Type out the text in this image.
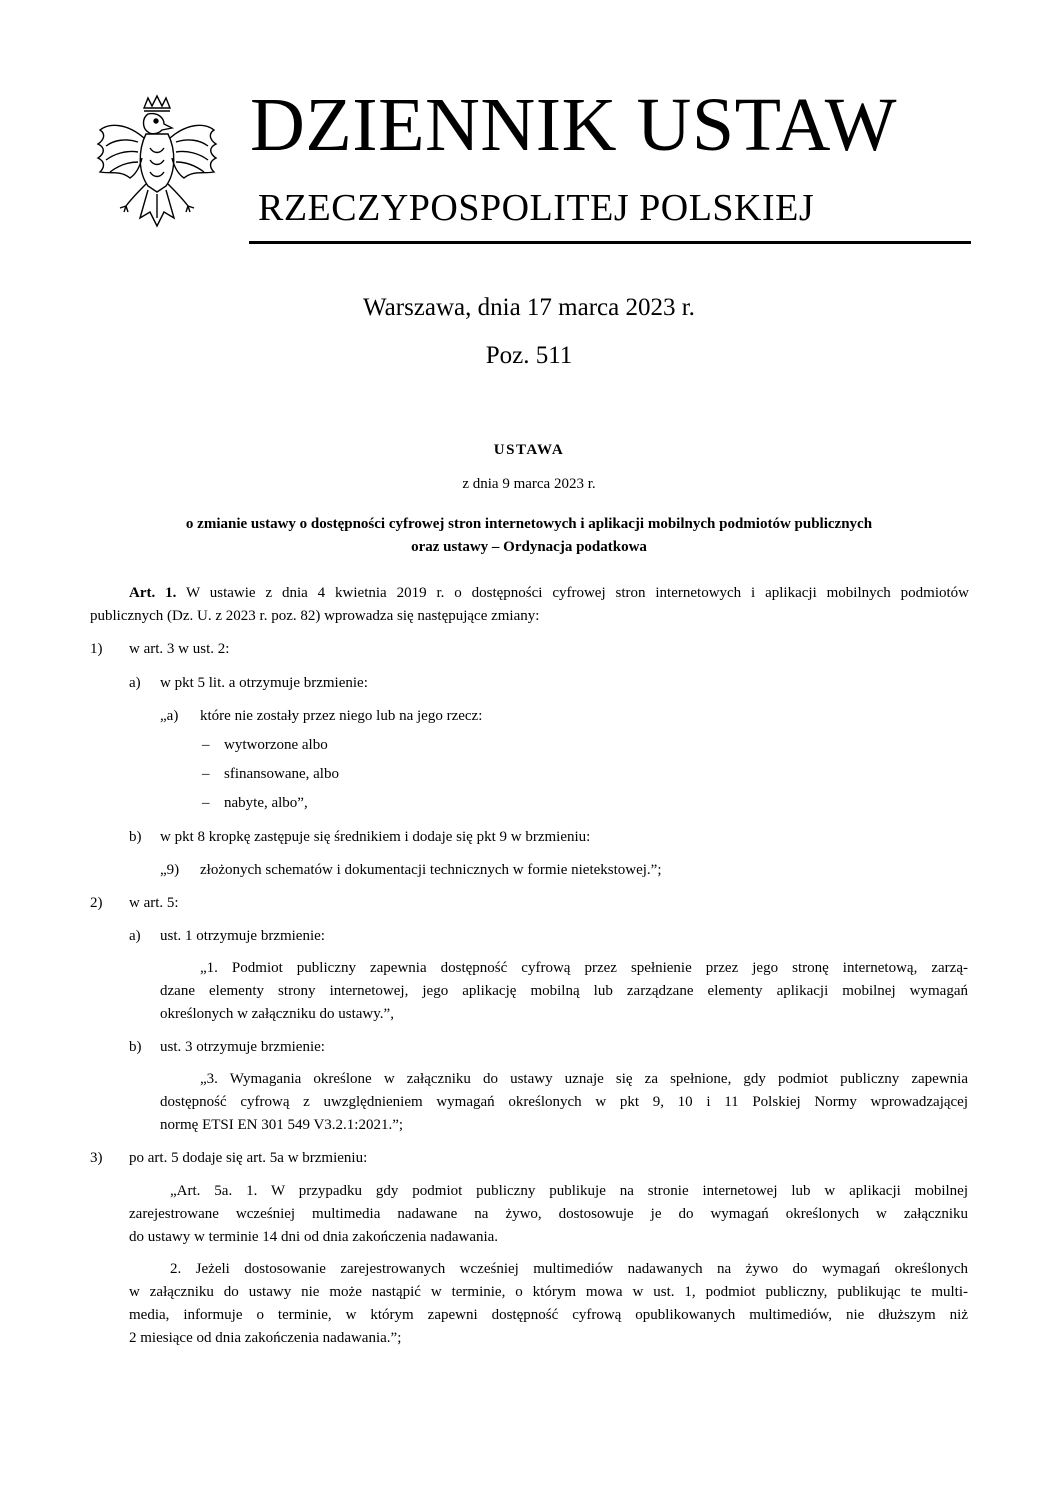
DZIENNIK USTAW
RZECZYPOSPOLITEJ POLSKIEJ
Warszawa, dnia 17 marca 2023 r.
Poz. 511
USTAWA
z dnia 9 marca 2023 r.
o zmianie ustawy o dostępności cyfrowej stron internetowych i aplikacji mobilnych podmiotów publicznych
oraz ustawy – Ordynacja podatkowa
Art. 1. W ustawie z dnia 4 kwietnia 2019 r. o dostępności cyfrowej stron internetowych i aplikacji mobilnych podmiotów
publicznych (Dz. U. z 2023 r. poz. 82) wprowadza się następujące zmiany:
1) w art. 3 w ust. 2:
a) w pkt 5 lit. a otrzymuje brzmienie:
„a) które nie zostały przez niego lub na jego rzecz:
– wytworzone albo
– sfinansowane, albo
– nabyte, albo”,
b) w pkt 8 kropkę zastępuje się średnikiem i dodaje się pkt 9 w brzmieniu:
„9) złożonych schematów i dokumentacji technicznych w formie nietekstowej.”;
2) w art. 5:
a) ust. 1 otrzymuje brzmienie:
„1. Podmiot publiczny zapewnia dostępność cyfrową przez spełnienie przez jego stronę internetową, zarzą-
dzane elementy strony internetowej, jego aplikację mobilną lub zarządzane elementy aplikacji mobilnej wymagań
określonych w załączniku do ustawy.”,
b) ust. 3 otrzymuje brzmienie:
„3. Wymagania określone w załączniku do ustawy uznaje się za spełnione, gdy podmiot publiczny zapewnia
dostępność cyfrową z uwzględnieniem wymagań określonych w pkt 9, 10 i 11 Polskiej Normy wprowadzającej
normę ETSI EN 301 549 V3.2.1:2021.”;
3) po art. 5 dodaje się art. 5a w brzmieniu:
„Art. 5a. 1. W przypadku gdy podmiot publiczny publikuje na stronie internetowej lub w aplikacji mobilnej
zarejestrowane wcześniej multimedia nadawane na żywo, dostosowuje je do wymagań określonych w załączniku
do ustawy w terminie 14 dni od dnia zakończenia nadawania.
2. Jeżeli dostosowanie zarejestrowanych wcześniej multimediów nadawanych na żywo do wymagań określonych
w załączniku do ustawy nie może nastąpić w terminie, o którym mowa w ust. 1, podmiot publiczny, publikując te multi-
media, informuje o terminie, w którym zapewni dostępność cyfrową opublikowanych multimediów, nie dłuższym niż
2 miesiące od dnia zakończenia nadawania.”;
